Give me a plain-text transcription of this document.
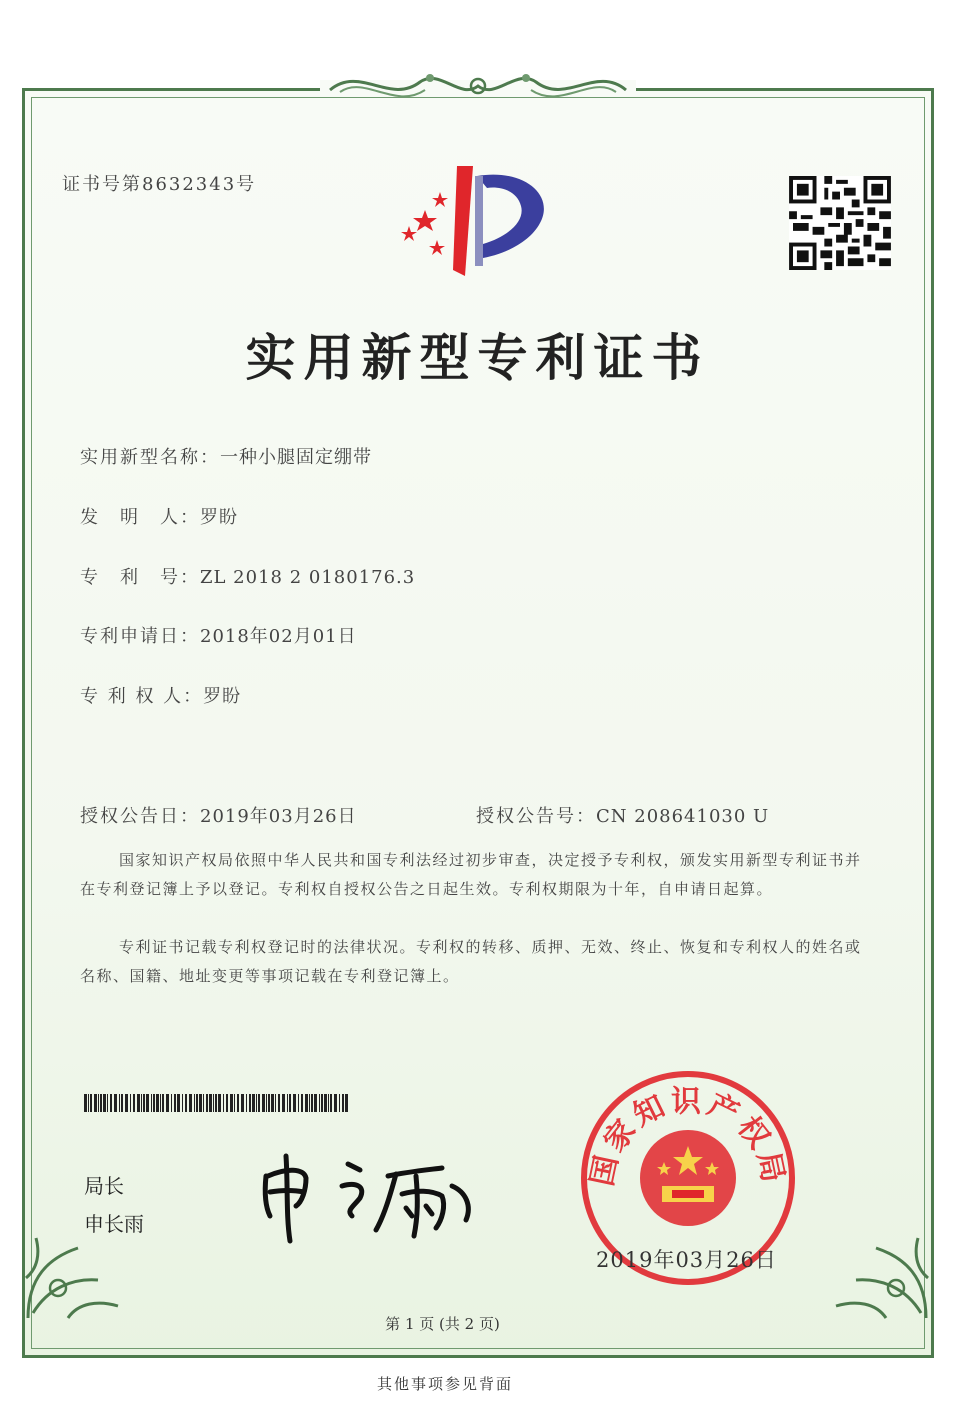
证书号第8632343号
实用新型专利证书
实用新型名称：一种小腿固定绷带
发　明　人：罗盼
专　利　号：ZL 2018 2 0180176.3
专利申请日：2018年02月01日
专 利 权 人：罗盼
授权公告日：2019年03月26日	授权公告号：CN 208641030 U

国家知识产权局依照中华人民共和国专利法经过初步审查，决定授予专利权，颁发实用新型专利证书并在专利登记簿上予以登记。专利权自授权公告之日起生效。专利权期限为十年，自申请日起算。

专利证书记载专利权登记时的法律状况。专利权的转移、质押、无效、终止、恢复和专利权人的姓名或名称、国籍、地址变更等事项记载在专利登记簿上。

局长
申长雨
国家知识产权局
2019年03月26日
第 1 页 (共 2 页)
其他事项参见背面
